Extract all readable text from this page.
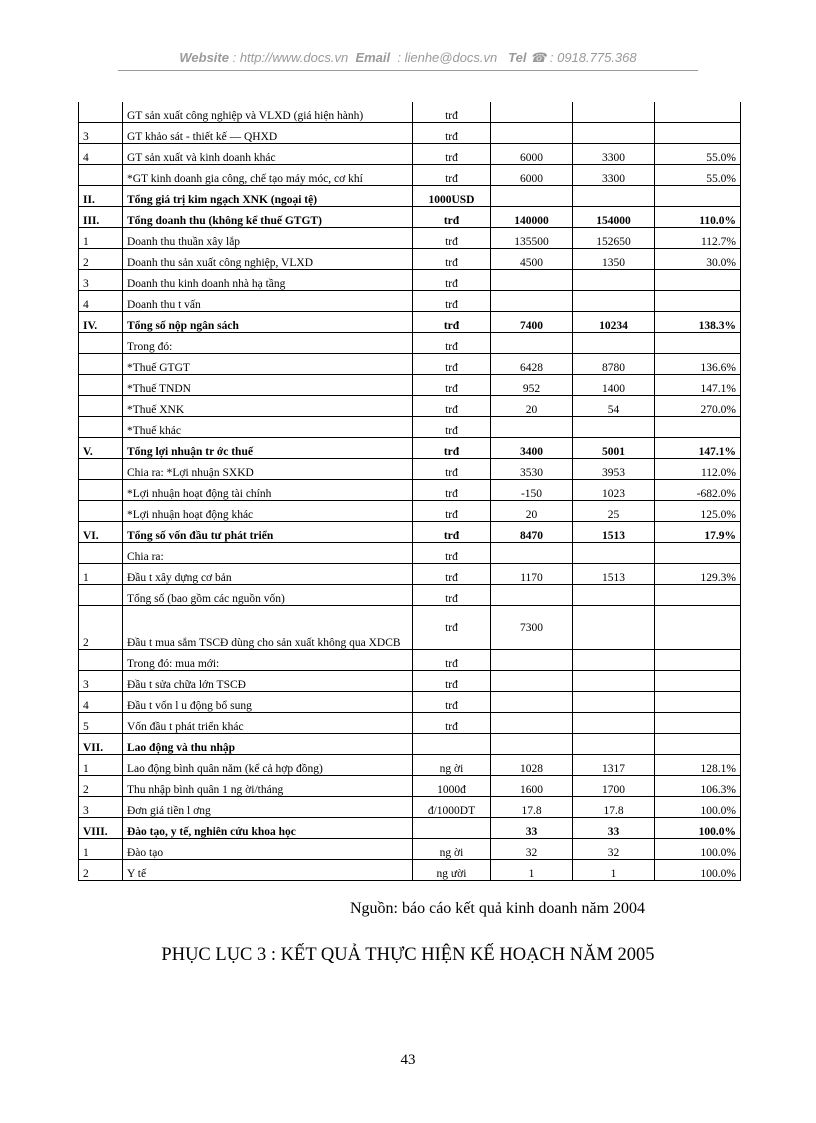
Website : http://www.docs.vn Email : lienhe@docs.vn Tel ☎ : 0918.775.368
	GT sản xuất công nghiệp và VLXD (giá hiện hành)	trđ			
3	GT khảo sát - thiết kế — QHXD	trđ			
4	GT sản xuất và kinh doanh khác	trđ	6000	3300	55.0%
	*GT kinh doanh gia công, chế tạo máy móc, cơ khí	trđ	6000	3300	55.0%
II.	Tổng giá trị kim ngạch XNK (ngoại tệ)	1000USD			
III.	Tổng doanh thu (không kể thuế GTGT)	trđ	140000	154000	110.0%
1	Doanh thu thuần xây lắp	trđ	135500	152650	112.7%
2	Doanh thu sản xuất công nghiệp, VLXD	trđ	4500	1350	30.0%
3	Doanh thu kinh doanh nhà hạ tầng	trđ			
4	Doanh thu t vấn	trđ			
IV.	Tổng số nộp ngân sách	trđ	7400	10234	138.3%
	Trong đó:	trđ			
	*Thuế GTGT	trđ	6428	8780	136.6%
	*Thuế TNDN	trđ	952	1400	147.1%
	*Thuế XNK	trđ	20	54	270.0%
	*Thuế khác	trđ			
V.	Tổng lợi nhuận tr ớc thuế	trđ	3400	5001	147.1%
	Chia ra: *Lợi nhuận SXKD	trđ	3530	3953	112.0%
	*Lợi nhuận hoạt động tài chính	trđ	-150	1023	-682.0%
	*Lợi nhuận hoạt động khác	trđ	20	25	125.0%
VI.	Tổng số vốn đầu tư phát triển	trđ	8470	1513	17.9%
	Chia ra:	trđ			
1	Đầu t xây dựng cơ bản	trđ	1170	1513	129.3%
	Tổng số (bao gồm các nguồn vốn)	trđ			
2	Đầu t mua sắm TSCĐ dùng cho sản xuất không qua XDCB	trđ	7300		
	Trong đó: mua mới:	trđ			
3	Đầu t sửa chữa lớn TSCĐ	trđ			
4	Đầu t vốn l u động bổ sung	trđ			
5	Vốn đầu t phát triển khác	trđ			
VII.	Lao động và thu nhập				
1	Lao động bình quân năm (kể cả hợp đồng)	ng ời	1028	1317	128.1%
2	Thu nhập bình quân 1 ng ời/tháng	1000đ	1600	1700	106.3%
3	Đơn giá tiền l ơng	đ/1000DT	17.8	17.8	100.0%
VIII.	Đào tạo, y tế, nghiên cứu khoa học		33	33	100.0%
1	Đào tạo	ng ời	32	32	100.0%
2	Y tế	ng ười	1	1	100.0%
Nguồn: báo cáo kết quả kinh doanh năm 2004
PHỤC LỤC 3 : KẾT QUẢ THỰC HIỆN KẾ HOẠCH NĂM 2005
43
